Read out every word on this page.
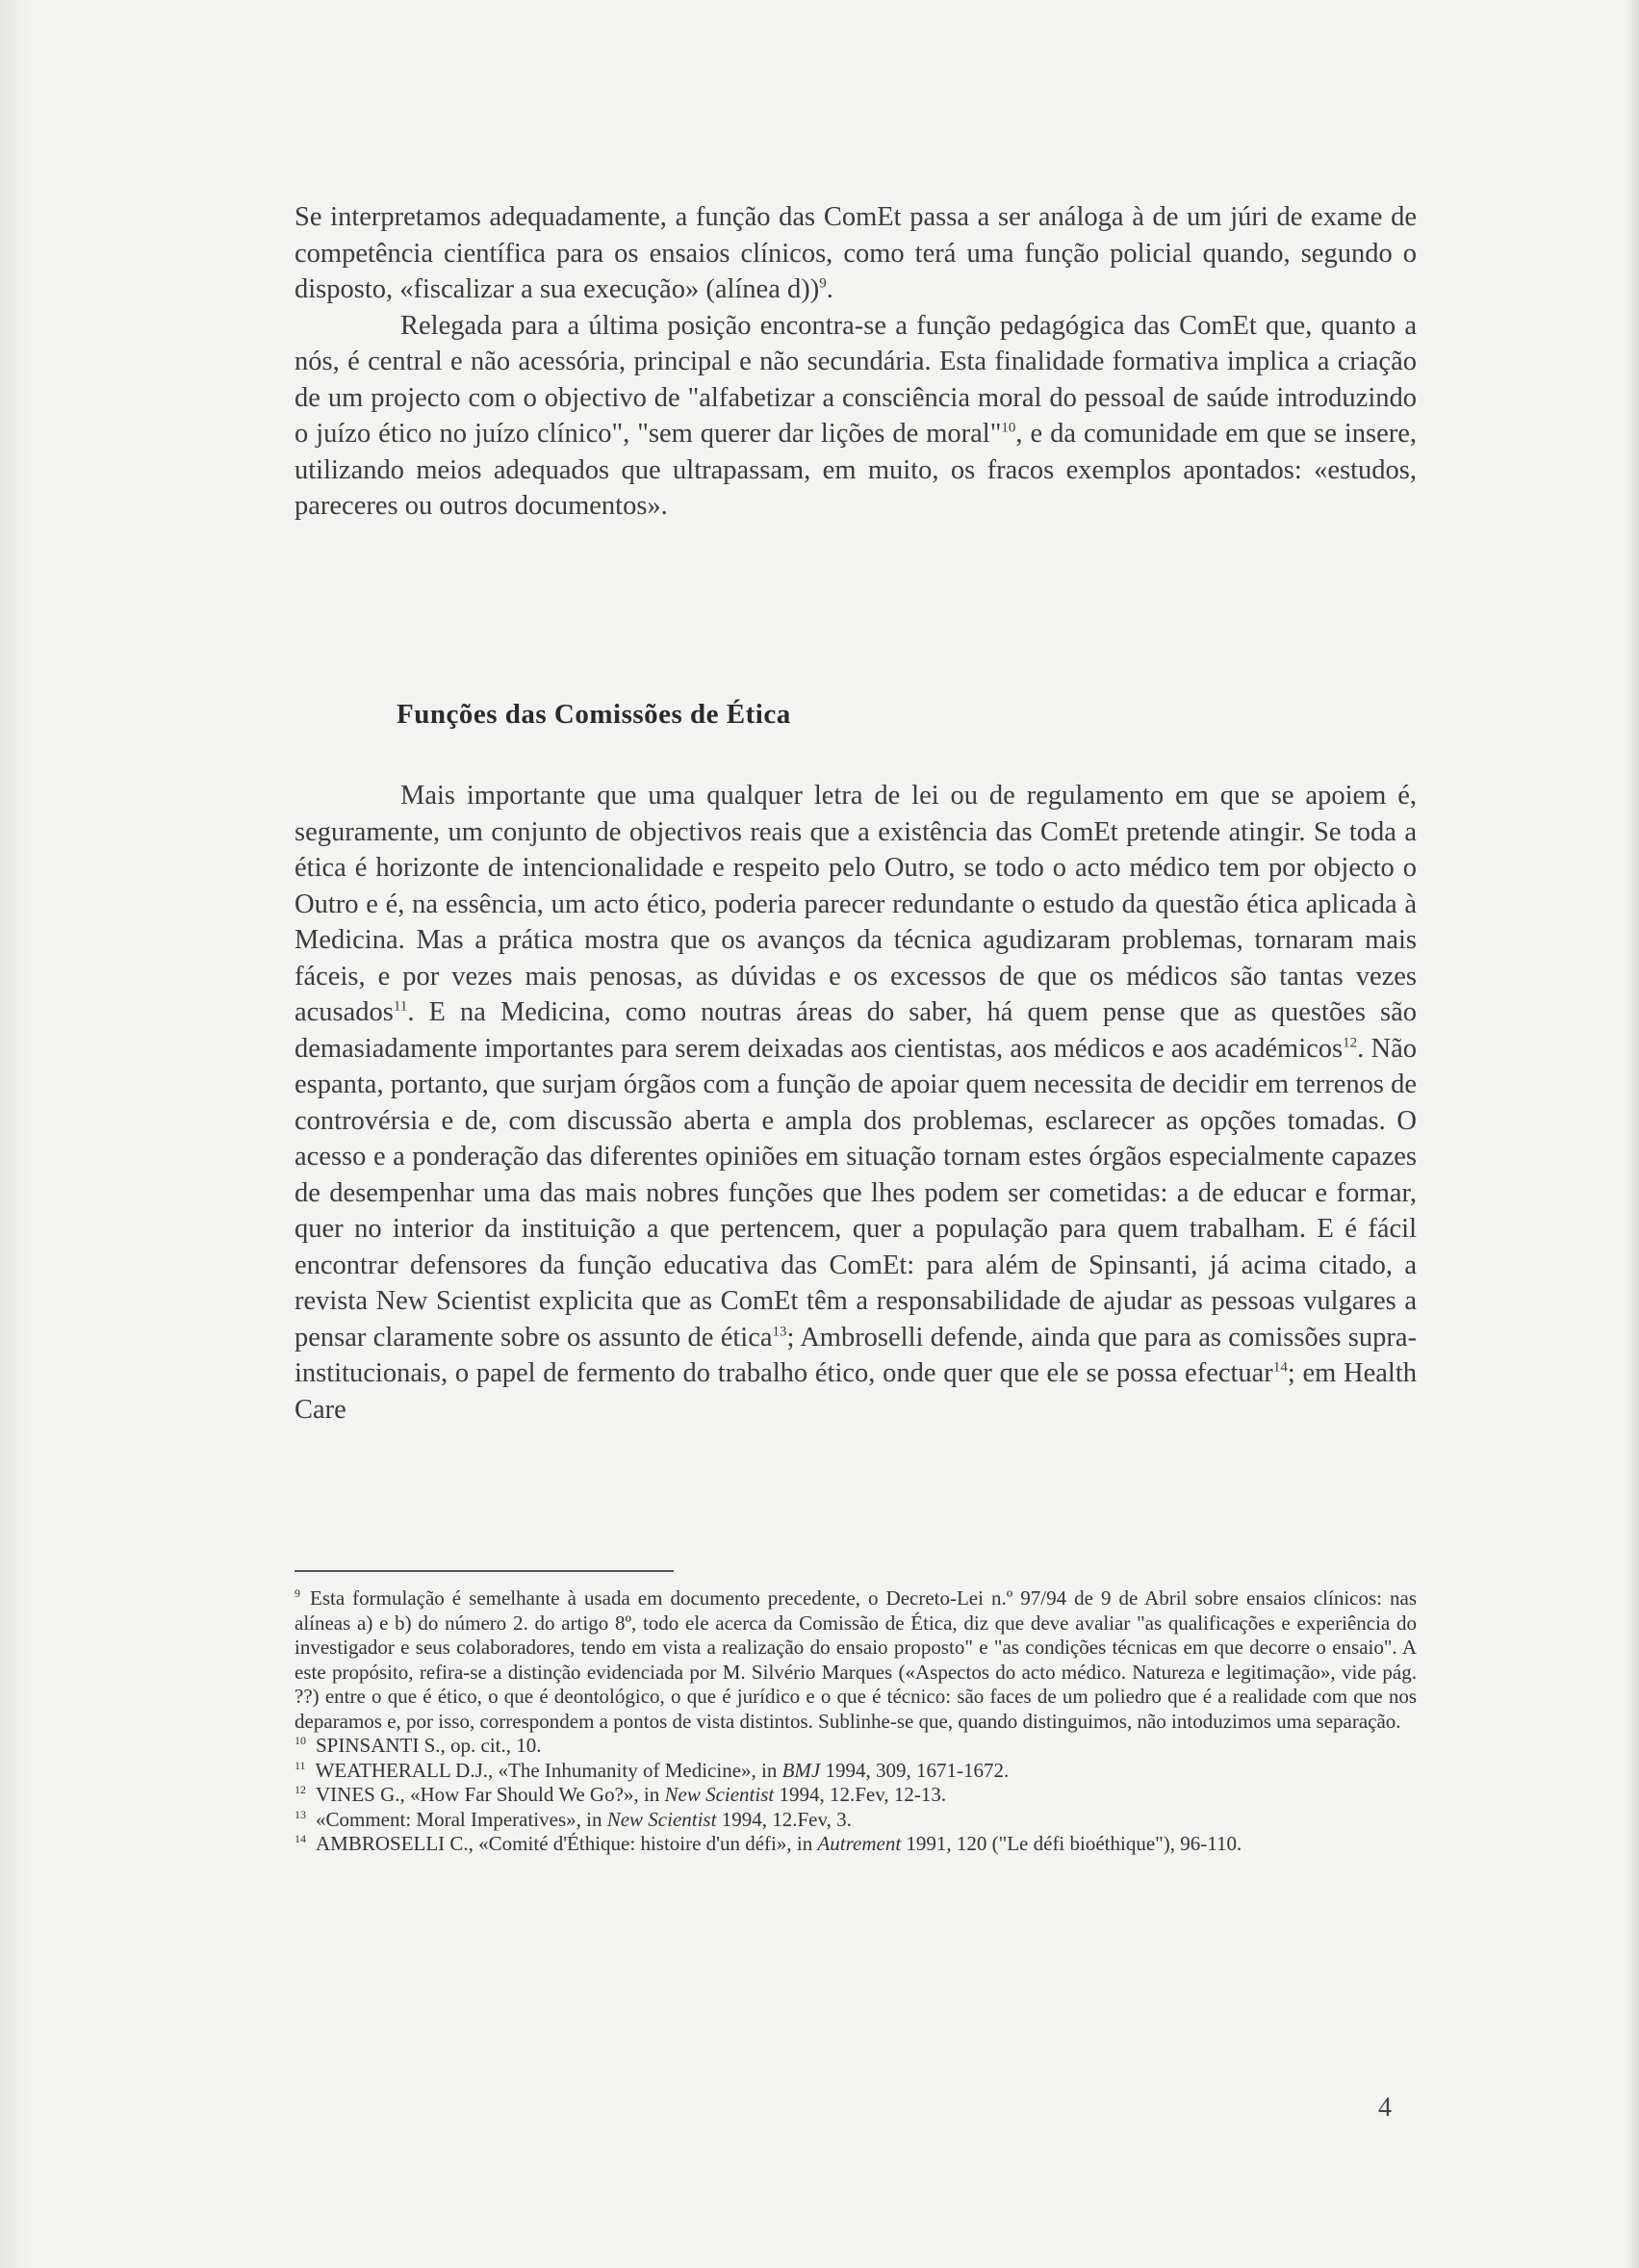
Se interpretamos adequadamente, a função das ComEt passa a ser análoga à de um júri de exame de competência científica para os ensaios clínicos, como terá uma função policial quando, segundo o disposto, «fiscalizar a sua execução» (alínea d))$^9$.

Relegada para a última posição encontra-se a função pedagógica das ComEt que, quanto a nós, é central e não acessória, principal e não secundária. Esta finalidade formativa implica a criação de um projecto com o objectivo de "alfabetizar a consciência moral do pessoal de saúde introduzindo o juízo ético no juízo clínico", "sem querer dar lições de moral"$^{10}$, e da comunidade em que se insere, utilizando meios adequados que ultrapassam, em muito, os fracos exemplos apontados: «estudos, pareceres ou outros documentos».

Funções das Comissões de Ética

Mais importante que uma qualquer letra de lei ou de regulamento em que se apoiem é, seguramente, um conjunto de objectivos reais que a existência das ComEt pretende atingir. Se toda a ética é horizonte de intencionalidade e respeito pelo Outro, se todo o acto médico tem por objecto o Outro e é, na essência, um acto ético, poderia parecer redundante o estudo da questão ética aplicada à Medicina. Mas a prática mostra que os avanços da técnica agudizaram problemas, tornaram mais fáceis, e por vezes mais penosas, as dúvidas e os excessos de que os médicos são tantas vezes acusados$^{11}$. E na Medicina, como noutras áreas do saber, há quem pense que as questões são demasiadamente importantes para serem deixadas aos cientistas, aos médicos e aos académicos$^{12}$. Não espanta, portanto, que surjam órgãos com a função de apoiar quem necessita de decidir em terrenos de controvérsia e de, com discussão aberta e ampla dos problemas, esclarecer as opções tomadas. O acesso e a ponderação das diferentes opiniões em situação tornam estes órgãos especialmente capazes de desempenhar uma das mais nobres funções que lhes podem ser cometidas: a de educar e formar, quer no interior da instituição a que pertencem, quer a população para quem trabalham. E é fácil encontrar defensores da função educativa das ComEt: para além de Spinsanti, já acima citado, a revista New Scientist explicita que as ComEt têm a responsabilidade de ajudar as pessoas vulgares a pensar claramente sobre os assunto de ética$^{13}$; Ambroselli defende, ainda que para as comissões supra-institucionais, o papel de fermento do trabalho ético, onde quer que ele se possa efectuar$^{14}$; em Health Care

$^9$ Esta formulação é semelhante à usada em documento precedente, o Decreto-Lei n.º 97/94 de 9 de Abril sobre ensaios clínicos: nas alíneas a) e b) do número 2. do artigo 8º, todo ele acerca da Comissão de Ética, diz que deve avaliar "as qualificações e experiência do investigador e seus colaboradores, tendo em vista a realização do ensaio proposto" e "as condições técnicas em que decorre o ensaio". A este propósito, refira-se a distinção evidenciada por M. Silvério Marques («Aspectos do acto médico. Natureza e legitimação», vide pág. ??) entre o que é ético, o que é deontológico, o que é jurídico e o que é técnico: são faces de um poliedro que é a realidade com que nos deparamos e, por isso, correspondem a pontos de vista distintos. Sublinhe-se que, quando distinguimos, não intoduzimos uma separação.

$^{10}$ SPINSANTI S., op. cit., 10.

$^{11}$ WEATHERALL D.J., «The Inhumanity of Medicine», in BMJ 1994, 309, 1671-1672.

$^{12}$ VINES G., «How Far Should We Go?», in New Scientist 1994, 12.Fev, 12-13.

$^{13}$ «Comment: Moral Imperatives», in New Scientist 1994, 12.Fev, 3.

$^{14}$ AMBROSELLI C., «Comité d'Éthique: histoire d'un défi», in Autrement 1991, 120 ("Le défi bioéthique"), 96-110.

4
